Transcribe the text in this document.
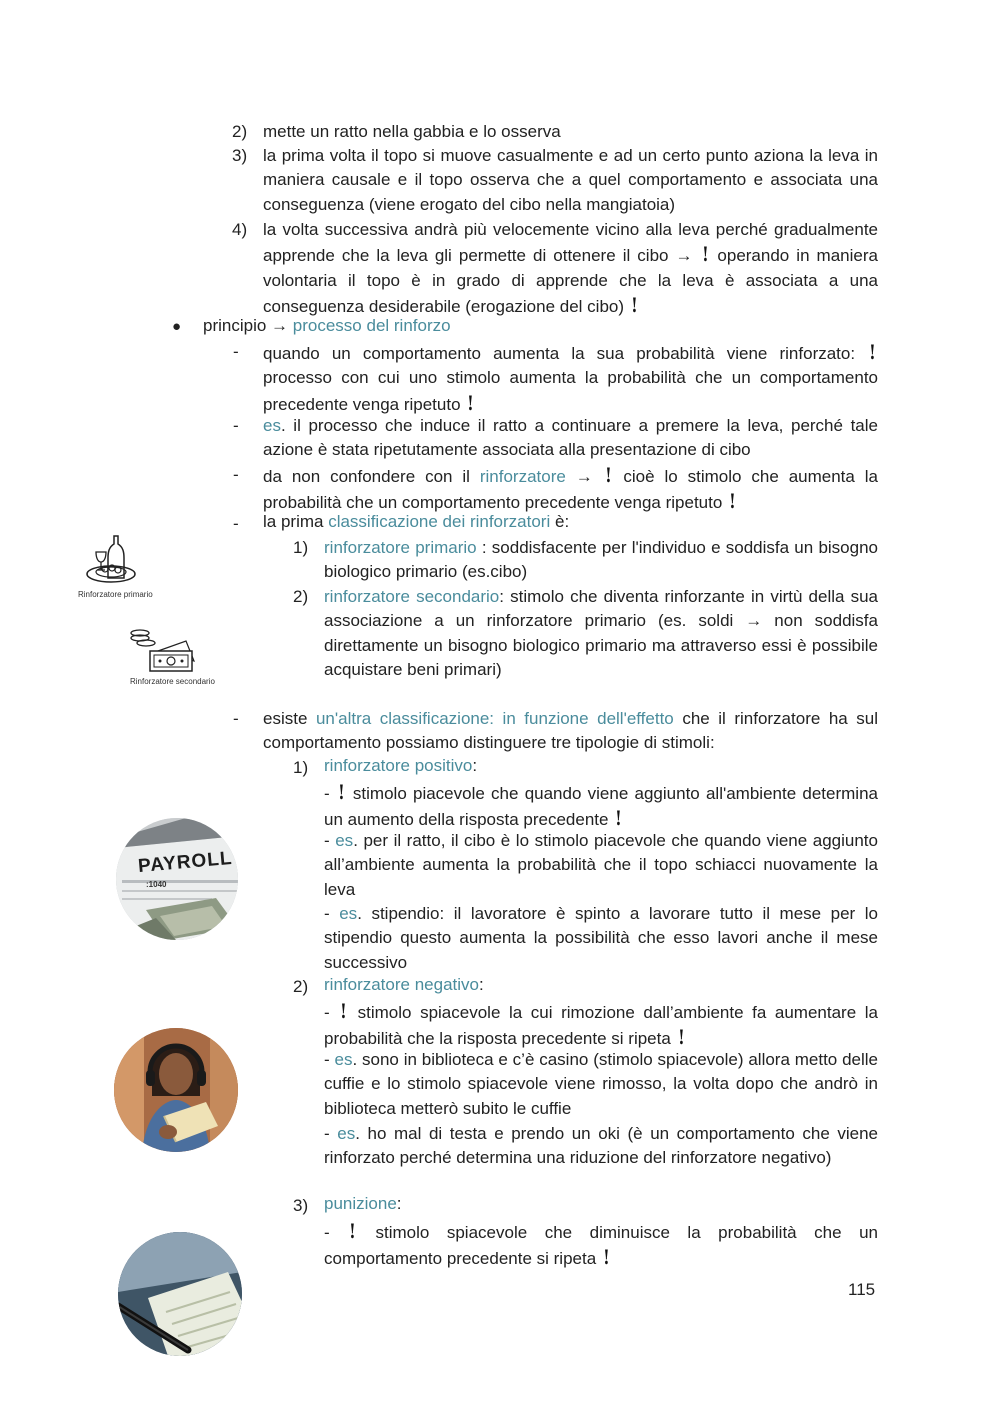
2) mette un ratto nella gabbia e lo osserva
3) la prima volta il topo si muove casualmente e ad un certo punto aziona la leva in maniera causale e il topo osserva che a quel comportamento e associata una conseguenza (viene erogato del cibo nella mangiatoia)
4) la volta successiva andrà più velocemente vicino alla leva perché gradualmente apprende che la leva gli permette di ottenere il cibo → ! operando in maniera volontaria il topo è in grado di apprende che la leva è associata a una conseguenza desiderabile (erogazione del cibo) !
● principio → processo del rinforzo
- quando un comportamento aumenta la sua probabilità viene rinforzato: ! processo con cui uno stimolo aumenta la probabilità che un comportamento precedente venga ripetuto !
- es. il processo che induce il ratto a continuare a premere la leva, perché tale azione è stata ripetutamente associata alla presentazione di cibo
- da non confondere con il rinforzatore → ! cioè lo stimolo che aumenta la probabilità che un comportamento precedente venga ripetuto !
- la prima classificazione dei rinforzatori è:
1) rinforzatore primario : soddisfacente per l'individuo e soddisfa un bisogno biologico primario (es.cibo)
2) rinforzatore secondario: stimolo che diventa rinforzante in virtù della sua associazione a un rinforzatore primario (es. soldi → non soddisfa direttamente un bisogno biologico primario ma attraverso essi è possibile acquistare beni primari)
- esiste un'altra classificazione: in funzione dell'effetto che il rinforzatore ha sul comportamento possiamo distinguere tre tipologie di stimoli:
1) rinforzatore positivo:
- ! stimolo piacevole che quando viene aggiunto all'ambiente determina un aumento della risposta precedente !
- es. per il ratto, il cibo è lo stimolo piacevole che quando viene aggiunto all’ambiente aumenta la probabilità che il topo schiacci nuovamente la leva
- es. stipendio: il lavoratore è spinto a lavorare tutto il mese per lo stipendio questo aumenta la possibilità che esso lavori anche il mese successivo
2) rinforzatore negativo:
- ! stimolo spiacevole la cui rimozione dall’ambiente fa aumentare la probabilità che la risposta precedente si ripeta !
- es. sono in biblioteca e c’è casino (stimolo spiacevole) allora metto delle cuffie e lo stimolo spiacevole viene rimosso, la volta dopo che andrò in biblioteca metterò subito le cuffie
- es. ho mal di testa e prendo un oki (è un comportamento che viene rinforzato perché determina una riduzione del rinforzatore negativo)
3) punizione:
- ! stimolo spiacevole che diminuisce la probabilità che un comportamento precedente si ripeta !
115
Rinforzatore primario
Rinforzatore secondario
PAYROLL
:1040
